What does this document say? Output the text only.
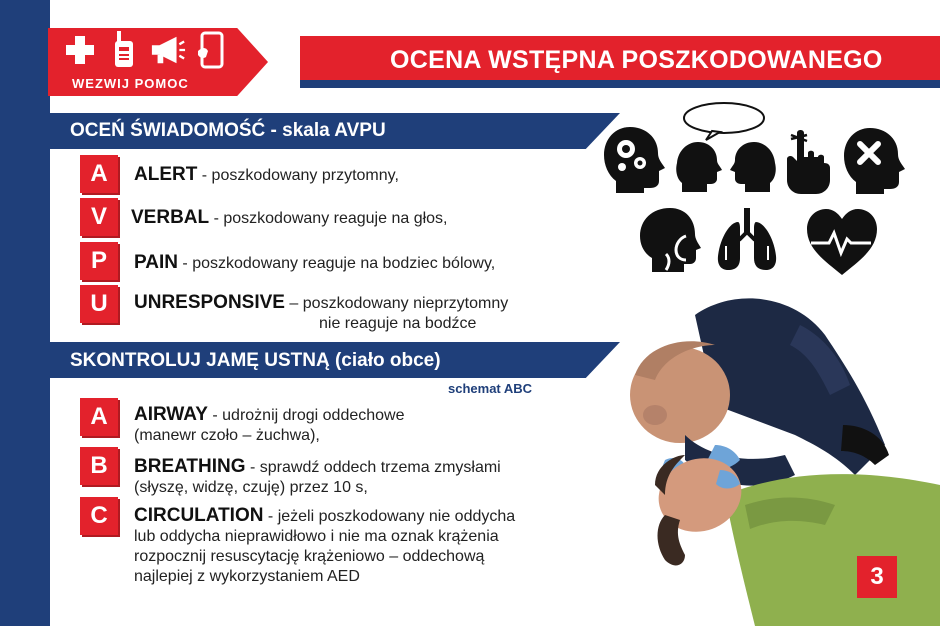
OCENA WSTĘPNA POSZKODOWANEGO
WEZWIJ POMOC
OCEŃ ŚWIADOMOŚĆ - skala AVPU
A	ALERT - poszkodowany przytomny,
V	VERBAL - poszkodowany reaguje na głos,
P	PAIN - poszkodowany reaguje na bodziec bólowy,
U	UNRESPONSIVE – poszkodowany nieprzytomny
nie reaguje na bodźce
SKONTROLUJ JAMĘ USTNĄ (ciało obce)
schemat ABC
A	AIRWAY - udrożnij drogi oddechowe
(manewr czoło – żuchwa),
B	BREATHING - sprawdź oddech trzema zmysłami
(słyszę, widzę, czuję) przez 10 s,
C	CIRCULATION - jeżeli poszkodowany nie oddycha
lub oddycha nieprawidłowo i nie ma oznak krążenia
rozpocznij resuscytację krążeniowo – oddechową
najlepiej z wykorzystaniem AED	3
